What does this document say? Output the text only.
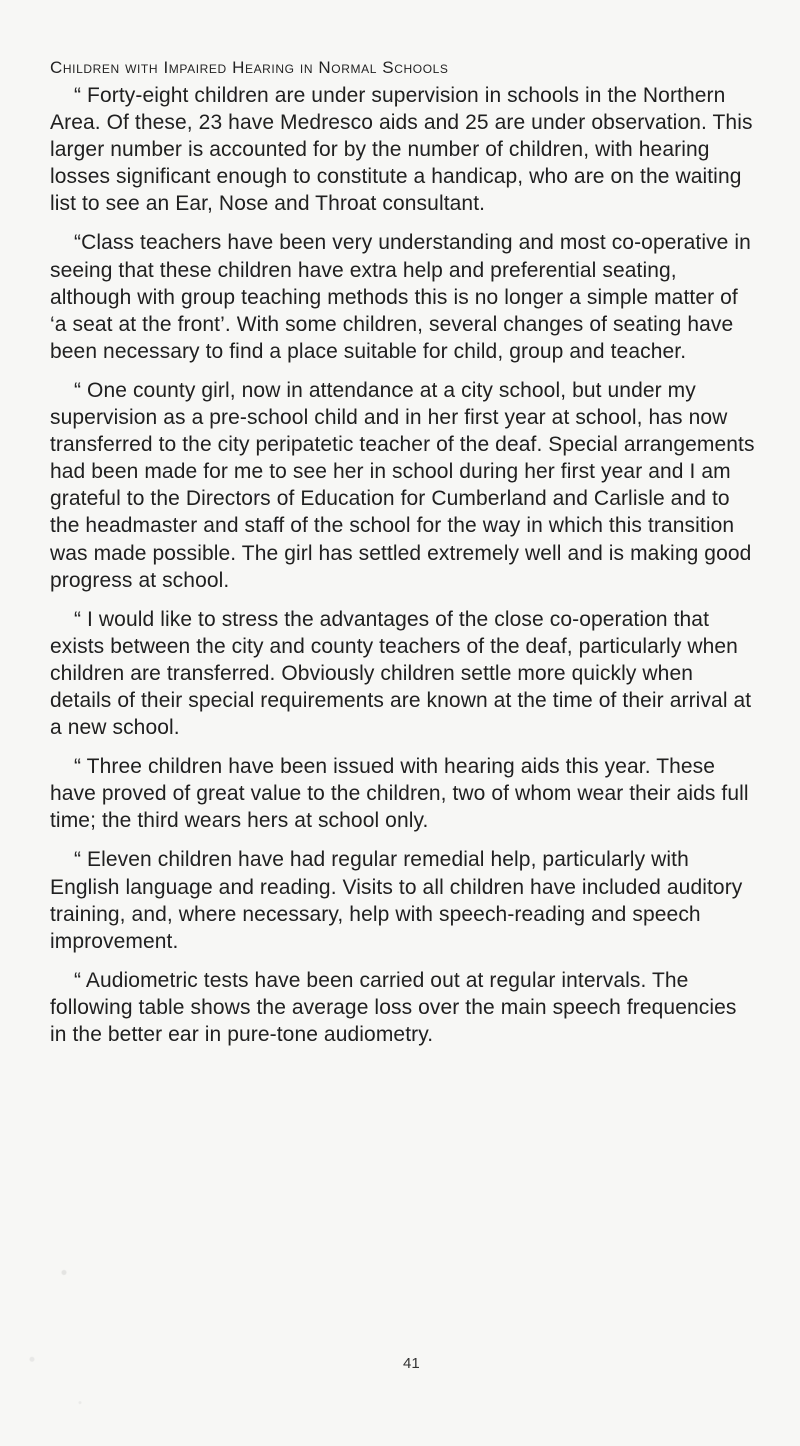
Children with Impaired Hearing in Normal Schools

“ Forty-eight children are under supervision in schools in the Northern Area. Of these, 23 have Medresco aids and 25 are under observation. This larger number is accounted for by the number of children, with hearing losses significant enough to constitute a handicap, who are on the waiting list to see an Ear, Nose and Throat consultant.

“Class teachers have been very understanding and most co-operative in seeing that these children have extra help and preferential seating, although with group teaching methods this is no longer a simple matter of ‘a seat at the front’. With some children, several changes of seating have been necessary to find a place suitable for child, group and teacher.

“ One county girl, now in attendance at a city school, but under my supervision as a pre-school child and in her first year at school, has now transferred to the city peripatetic teacher of the deaf. Special arrangements had been made for me to see her in school during her first year and I am grateful to the Directors of Education for Cumberland and Carlisle and to the headmaster and staff of the school for the way in which this transition was made possible. The girl has settled extremely well and is making good progress at school.

“ I would like to stress the advantages of the close co-operation that exists between the city and county teachers of the deaf, particularly when children are transferred. Obviously children settle more quickly when details of their special requirements are known at the time of their arrival at a new school.

“ Three children have been issued with hearing aids this year. These have proved of great value to the children, two of whom wear their aids full time; the third wears hers at school only.

“ Eleven children have had regular remedial help, particularly with English language and reading. Visits to all children have included auditory training, and, where necessary, help with speech-reading and speech improvement.

“ Audiometric tests have been carried out at regular intervals. The following table shows the average loss over the main speech frequencies in the better ear in pure-tone audiometry.

41
